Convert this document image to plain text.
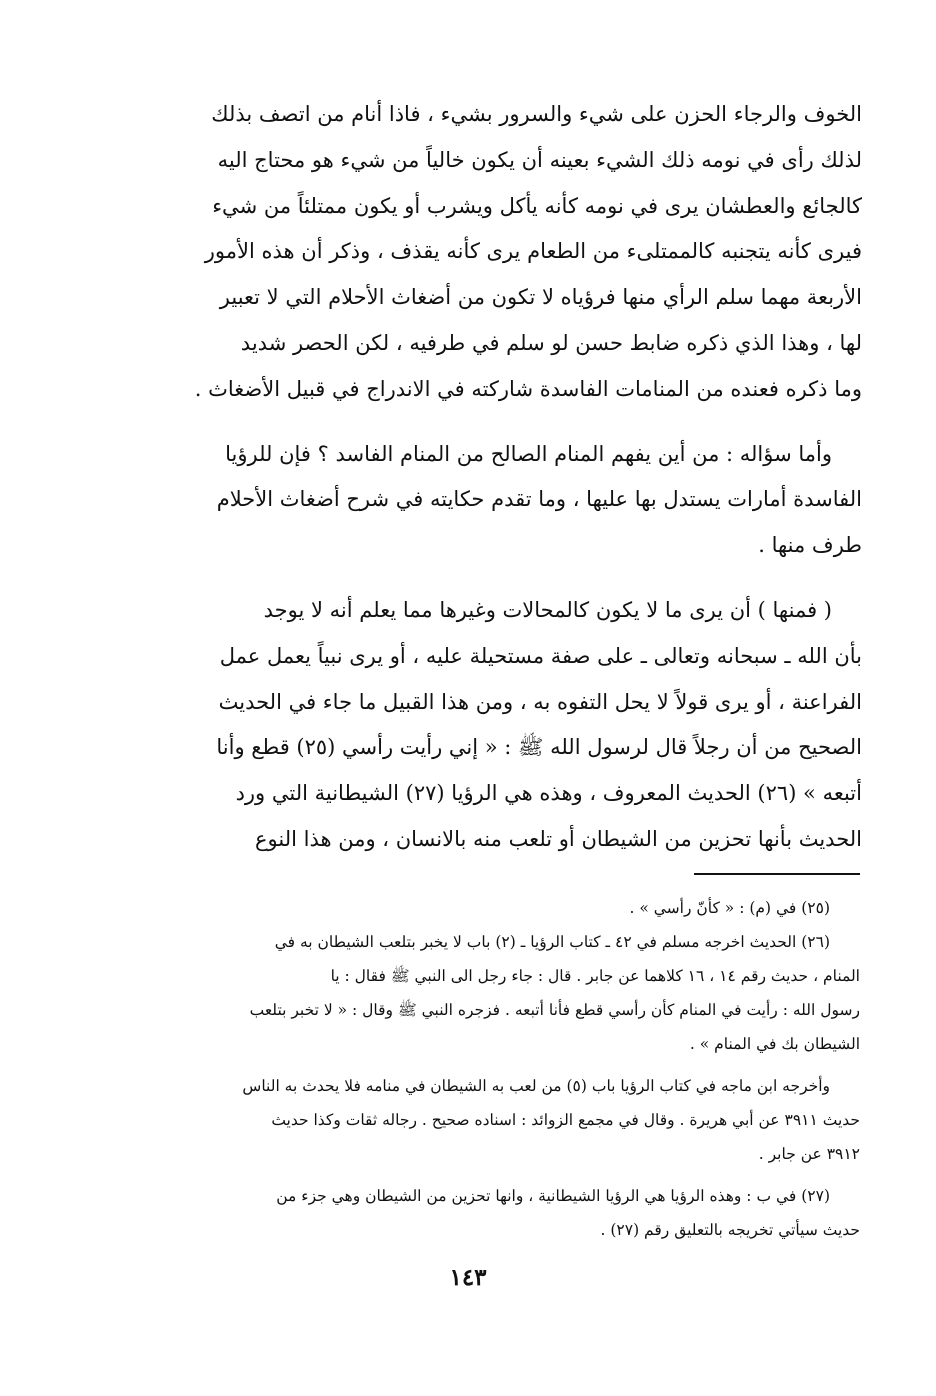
الخوف والرجاء الحزن على شيء والسرور بشيء ، فاذا أنام من اتصف بذلك

لذلك رأى في نومه ذلك الشيء بعينه أن يكون خالياً من شيء هو محتاج اليه

كالجائع والعطشان يرى في نومه كأنه يأكل ويشرب أو يكون ممتلئاً من شيء

فيرى كأنه يتجنبه كالممتلىء من الطعام يرى كأنه يقذف ، وذكر أن هذه الأمور

الأربعة مهما سلم الرأي منها فرؤياه لا تكون من أضغاث الأحلام التي لا تعبير

لها ، وهذا الذي ذكره ضابط حسن لو سلم في طرفيه ، لكن الحصر شديد

وما ذكره فعنده من المنامات الفاسدة شاركته في الاندراج في قبيل الأضغاث .

وأما سؤاله : من أين يفهم المنام الصالح من المنام الفاسد ؟ فإن للرؤيا

الفاسدة أمارات يستدل بها عليها ، وما تقدم حكايته في شرح أضغاث الأحلام

طرف منها .

( فمنها ) أن يرى ما لا يكون كالمحالات وغيرها مما يعلم أنه لا يوجد

بأن الله ـ سبحانه وتعالى ـ على صفة مستحيلة عليه ، أو يرى نبياً يعمل عمل

الفراعنة ، أو يرى قولاً لا يحل التفوه به ، ومن هذا القبيل ما جاء في الحديث

الصحيح من أن رجلاً قال لرسول الله ﷺ : « إني رأيت رأسي (٢٥) قطع وأنا

أتبعه » (٢٦) الحديث المعروف ، وهذه هي الرؤيا (٢٧) الشيطانية التي ورد

الحديث بأنها تحزين من الشيطان أو تلعب منه بالانسان ، ومن هذا النوع

(٢٥) في (م) : « كأنّ رأسي » .
(٢٦) الحديث اخرجه مسلم في ٤٢ ـ كتاب الرؤيا ـ (٢) باب لا يخبر بتلعب الشيطان به في
المنام ، حديث رقم ١٤ ، ١٦ كلاهما عن جابر . قال : جاء رجل الى النبي ﷺ فقال : يا
رسول الله : رأيت في المنام كأن رأسي قطع فأنا أتبعه . فزجره النبي ﷺ وقال : « لا تخبر بتلعب
الشيطان بك في المنام » .
وأخرجه ابن ماجه في كتاب الرؤيا باب (٥) من لعب به الشيطان في منامه فلا يحدث به الناس
حديث ٣٩١١ عن أبي هريرة . وقال في مجمع الزوائد : اسناده صحيح . رجاله ثقات وكذا حديث
٣٩١٢ عن جابر .
(٢٧) في ب : وهذه الرؤيا هي الرؤيا الشيطانية ، وانها تحزين من الشيطان وهي جزء من
حديث سيأتي تخريجه بالتعليق رقم (٢٧) .
١٤٣
